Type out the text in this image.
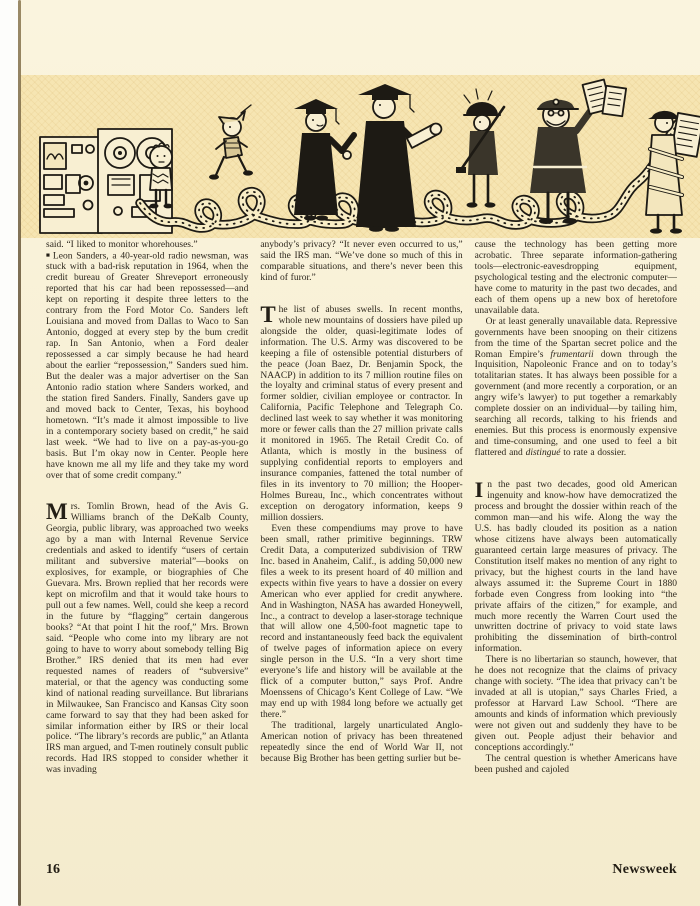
said. “I liked to monitor whorehouses.”

■Leon Sanders, a 40-year-old radio newsman, was stuck with a bad-risk reputation in 1964, when the credit bureau of Greater Shreveport erroneously reported that his car had been repossessed—and kept on reporting it despite three letters to the contrary from the Ford Motor Co. Sanders left Louisiana and moved from Dallas to Waco to San Antonio, dogged at every step by the bum credit rap. In San Antonio, when a Ford dealer repossessed a car simply because he had heard about the earlier “repossession,” Sanders sued him. But the dealer was a major advertiser on the San Antonio radio station where Sanders worked, and the station fired Sanders. Finally, Sanders gave up and moved back to Center, Texas, his boyhood hometown. “It’s made it almost impossible to live in a contemporary society based on credit,” he said last week. “We had to live on a pay-as-you-go basis. But I’m okay now in Center. People here have known me all my life and they take my word over that of some credit company.”

Mrs. Tomlin Brown, head of the Avis G. Williams branch of the DeKalb County, Georgia, public library, was approached two weeks ago by a man with Internal Revenue Service credentials and asked to identify “users of certain militant and subversive material”—books on explosives, for example, or biographies of Che Guevara. Mrs. Brown replied that her records were kept on microfilm and that it would take hours to pull out a few names. Well, could she keep a record in the future by “flagging” certain dangerous books? “At that point I hit the roof,” Mrs. Brown said. “People who come into my library are not going to have to worry about somebody telling Big Brother.” IRS denied that its men had ever requested names of readers of “subversive” material, or that the agency was conducting some kind of national reading surveillance. But librarians in Milwaukee, San Francisco and Kansas City soon came forward to say that they had been asked for similar information either by IRS or their local police. “The library’s records are public,” an Atlanta IRS man argued, and T-men routinely consult public records. Had IRS stopped to consider whether it was invading

anybody’s privacy? “It never even occurred to us,” said the IRS man. “We’ve done so much of this in comparable situations, and there’s never been this kind of furor.”

The list of abuses swells. In recent months, whole new mountains of dossiers have piled up alongside the older, quasi-legitimate lodes of information. The U.S. Army was discovered to be keeping a file of ostensible potential disturbers of the peace (Joan Baez, Dr. Benjamin Spock, the NAACP) in addition to its 7 million routine files on the loyalty and criminal status of every present and former soldier, civilian employee or contractor. In California, Pacific Telephone and Telegraph Co. declined last week to say whether it was monitoring more or fewer calls than the 27 million private calls it monitored in 1965. The Retail Credit Co. of Atlanta, which is mostly in the business of supplying confidential reports to employers and insurance companies, fattened the total number of files in its inventory to 70 million; the Hooper-Holmes Bureau, Inc., which concentrates without exception on derogatory information, keeps 9 million dossiers.

Even these compendiums may prove to have been small, rather primitive beginnings. TRW Credit Data, a computerized subdivision of TRW Inc. based in Anaheim, Calif., is adding 50,000 new files a week to its present hoard of 40 million and expects within five years to have a dossier on every American who ever applied for credit anywhere. And in Washington, NASA has awarded Honeywell, Inc., a contract to develop a laser-storage technique that will allow one 4,500-foot magnetic tape to record and instantaneously feed back the equivalent of twelve pages of information apiece on every single person in the U.S. “In a very short time everyone’s life and history will be available at the flick of a computer button,” says Prof. Andre Moenssens of Chicago’s Kent College of Law. “We may end up with 1984 long before we actually get there.”

The traditional, largely unarticulated Anglo-American notion of privacy has been threatened repeatedly since the end of World War II, not because Big Brother has been getting surlier but be-

cause the technology has been getting more acrobatic. Three separate information-gathering tools—electronic-eavesdropping equipment, psychological testing and the electronic computer—have come to maturity in the past two decades, and each of them opens up a new box of heretofore unavailable data.

Or at least generally unavailable data. Repressive governments have been snooping on their citizens from the time of the Spartan secret police and the Roman Empire’s frumentarii down through the Inquisition, Napoleonic France and on to today’s totalitarian states. It has always been possible for a government (and more recently a corporation, or an angry wife’s lawyer) to put together a remarkably complete dossier on an individual—by tailing him, searching all records, talking to his friends and enemies. But this process is enormously expensive and time-consuming, and one used to feel a bit flattered and distingué to rate a dossier.

In the past two decades, good old American ingenuity and know-how have democratized the process and brought the dossier within reach of the common man—and his wife. Along the way the U.S. has badly clouded its position as a nation whose citizens have always been automatically guaranteed certain large measures of privacy. The Constitution itself makes no mention of any right to privacy, but the highest courts in the land have always assumed it: the Supreme Court in 1880 forbade even Congress from looking into “the private affairs of the citizen,” for example, and much more recently the Warren Court used the unwritten doctrine of privacy to void state laws prohibiting the dissemination of birth-control information.

There is no libertarian so staunch, however, that he does not recognize that the claims of privacy change with society. “The idea that privacy can’t be invaded at all is utopian,” says Charles Fried, a professor at Harvard Law School. “There are amounts and kinds of information which previously were not given out and suddenly they have to be given out. People adjust their behavior and conceptions accordingly.”

The central question is whether Americans have been pushed and cajoled

16	Newsweek
